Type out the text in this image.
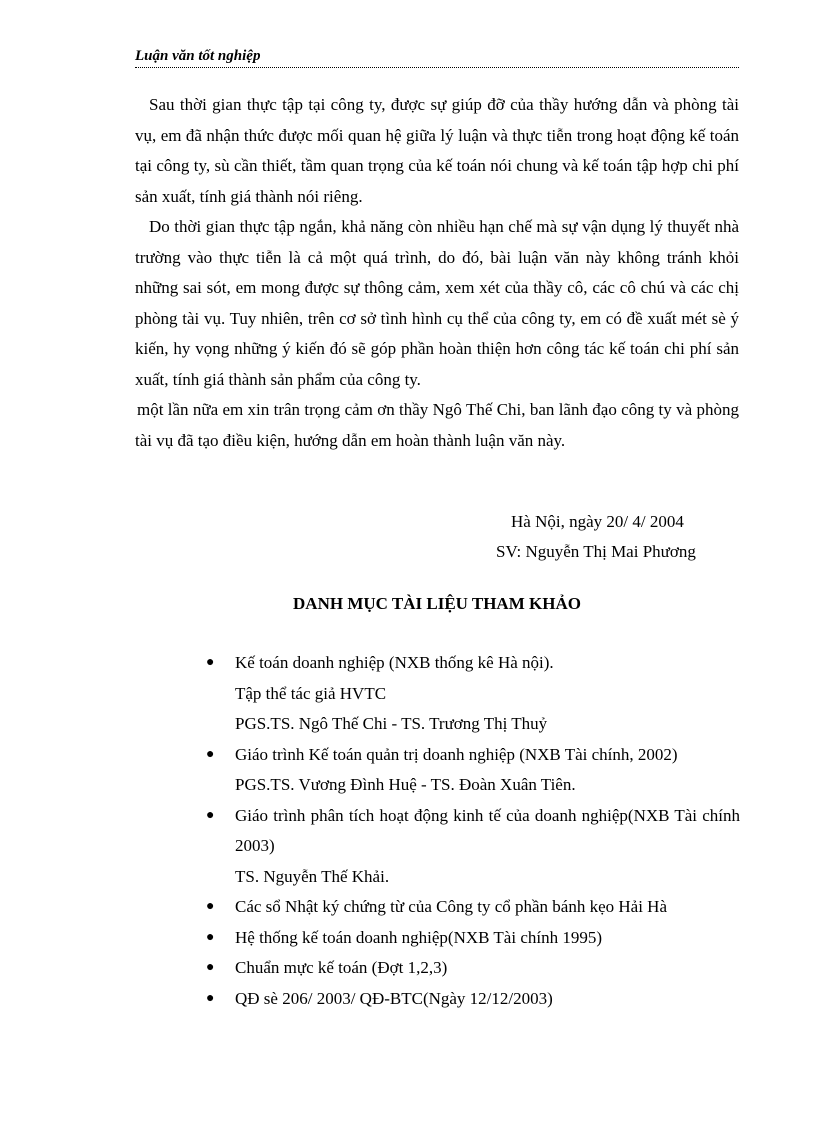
Luận văn tốt nghiệp

Sau thời gian thực tập tại công ty, được sự giúp đỡ của thầy hướng dẫn và phòng tài vụ, em đã nhận thức được mối quan hệ giữa lý luận và thực tiễn trong hoạt động kế toán tại công ty, sù cần thiết, tầm quan trọng của kế toán nói chung và kế toán tập hợp chi phí sản xuất, tính giá thành nói riêng.

Do thời gian thực tập ngắn, khả năng còn nhiều hạn chế mà sự vận dụng lý thuyết nhà trường vào thực tiễn là cả một quá trình, do đó, bài luận văn này không tránh khỏi những sai sót, em mong được sự thông cảm, xem xét của thầy cô, các cô chú và các chị phòng tài vụ. Tuy nhiên, trên cơ sở tình hình cụ thể của công ty, em có đề xuất mét sè ý kiến, hy vọng những ý kiến đó sẽ góp phần hoàn thiện hơn công tác kế toán chi phí sản xuất, tính giá thành sản phẩm của công ty.

một lần nữa em xin trân trọng cảm ơn thầy Ngô Thế Chi, ban lãnh đạo công ty và phòng tài vụ đã tạo điều kiện, hướng dẫn em hoàn thành luận văn này.

Hà Nội, ngày 20/ 4/ 2004
SV: Nguyễn Thị Mai Phương
DANH MỤC TÀI LIỆU THAM KHẢO
● Kế toán doanh nghiệp (NXB thống kê Hà nội).
Tập thể tác giả HVTC
PGS.TS. Ngô Thế Chi - TS. Trương Thị Thuỷ
● Giáo trình Kế toán quản trị doanh nghiệp (NXB Tài chính, 2002)
PGS.TS. Vương Đình Huệ - TS. Đoàn Xuân Tiên.
● Giáo trình phân tích hoạt động kinh tế của doanh nghiệp(NXB Tài chính 2003)
TS. Nguyễn Thế Khải.
● Các sổ Nhật ký chứng từ của Công ty cổ phần bánh kẹo Hải Hà
● Hệ thống kế toán doanh nghiệp(NXB Tài chính 1995)
● Chuẩn mực kế toán (Đợt 1,2,3)
● QĐ sè 206/ 2003/ QĐ-BTC(Ngày 12/12/2003)
